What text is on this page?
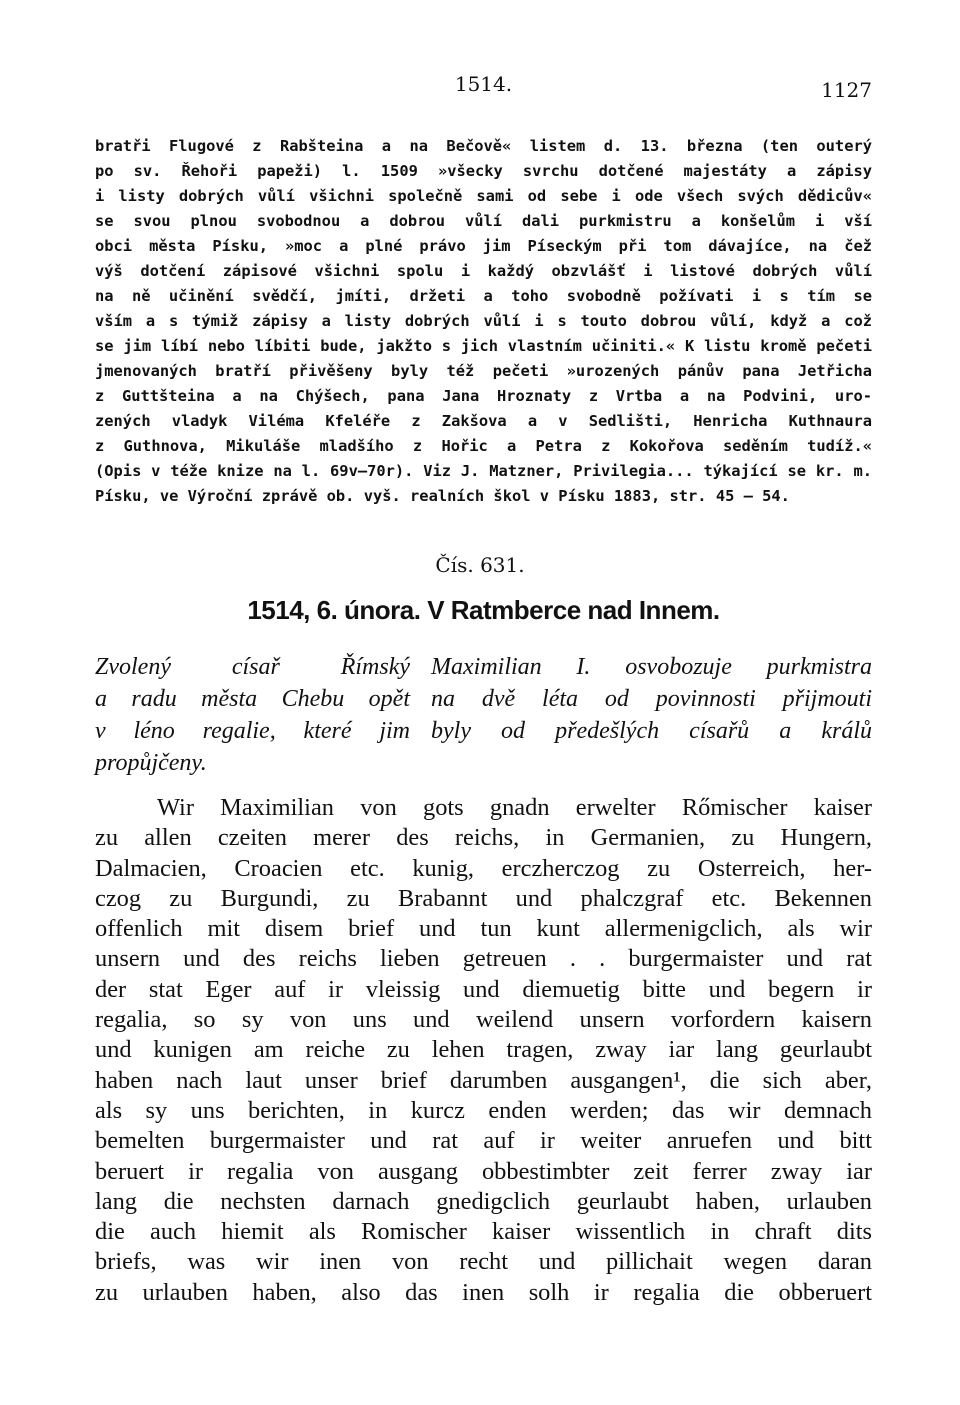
1514.	1127
bratři Flugové z Rabšteina a na Bečově« listem d. 13. března (ten outerý
po sv. Řehoři papeži) l. 1509 »všecky svrchu dotčené majestáty a zápisy
i listy dobrých vůlí všichni společně sami od sebe i ode všech svých dědicův«
se svou plnou svobodnou a dobrou vůlí dali purkmistru a konšelům i vší
obci města Písku, »moc a plné právo jim Píseckým při tom dávajíce, na čež
výš dotčení zápisové všichni spolu i každý obzvlášť i listové dobrých vůlí
na ně učinění svědčí, jmíti, držeti a toho svobodně požívati i s tím se
vším a s týmiž zápisy a listy dobrých vůlí i s touto dobrou vůlí, když a což
se jim líbí nebo líbiti bude, jakžto s jich vlastním učiniti.« K listu kromě pečeti
jmenovaných bratří přivěšeny byly též pečeti »urozených pánův pana Jetřicha
z Guttšteina a na Chýšech, pana Jana Hroznaty z Vrtba a na Podvini, uro-
zených vladyk Viléma Kfeléře z Zakšova a v Sedlišti, Henricha Kuthnaura
z Guthnova, Mikuláše mladšího z Hořic a Petra z Kokořova seděním tudíž.«
(Opis v téže knize na l. 69v—70r). Viz J. Matzner, Privilegia... týkající se kr. m.
Písku, ve Výroční zprávě ob. vyš. realních škol v Písku 1883, str. 45 — 54.
Čís. 631.
1514, 6. února. V Ratmberce nad Innem.
Zvolený císař Římský
a radu města Chebu opět
v léno regalie, které jim
propůjčeny.
Maximilian I. osvobozuje purkmistra
na dvě léta od povinnosti přijmouti
byly od předešlých císařů a králů
Wir Maximilian von gots gnadn erwelter Rőmischer kaiser
zu allen czeiten merer des reichs, in Germanien, zu Hungern,
Dalmacien, Croacien etc. kunig, erczherczog zu Osterreich, her-
czog zu Burgundi, zu Brabannt und phalczgraf etc. Bekennen
offenlich mit disem brief und tun kunt allermenigclich, als wir
unsern und des reichs lieben getreuen . . burgermaister und rat
der stat Eger auf ir vleissig und diemuetig bitte und begern ir
regalia, so sy von uns und weilend unsern vorfordern kaisern
und kunigen am reiche zu lehen tragen, zway iar lang geurlaubt
haben nach laut unser brief darumben ausgangen¹, die sich aber,
als sy uns berichten, in kurcz enden werden; das wir demnach
bemelten burgermaister und rat auf ir weiter anruefen und bitt
beruert ir regalia von ausgang obbestimbter zeit ferrer zway iar
lang die nechsten darnach gnedigclich geurlaubt haben, urlauben
die auch hiemit als Romischer kaiser wissentlich in chraft dits
briefs, was wir inen von recht und pillichait wegen daran
zu urlauben haben, also das inen solh ir regalia die obberuert
